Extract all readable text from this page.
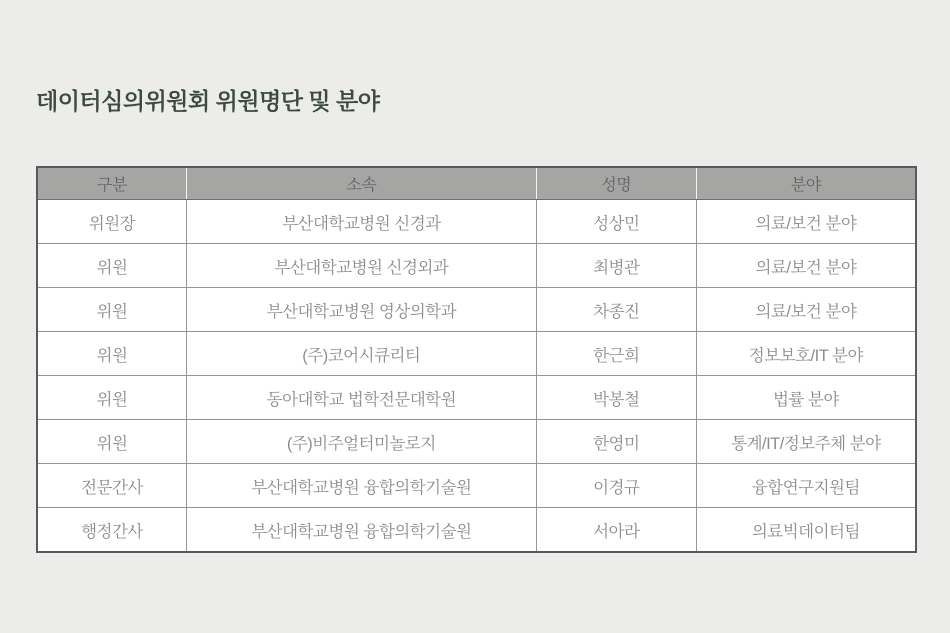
데이터심의위원회 위원명단 및 분야
구분	소속	성명	분야
위원장	부산대학교병원 신경과	성상민	의료/보건 분야
위원	부산대학교병원 신경외과	최병관	의료/보건 분야
위원	부산대학교병원 영상의학과	차종진	의료/보건 분야
위원	(주)코어시큐리티	한근희	정보보호/IT 분야
위원	동아대학교 법학전문대학원	박봉철	법률 분야
위원	(주)비주얼터미놀로지	한영미	통계/IT/정보주체 분야
전문간사	부산대학교병원 융합의학기술원	이경규	융합연구지원팀
행정간사	부산대학교병원 융합의학기술원	서아라	의료빅데이터팀
